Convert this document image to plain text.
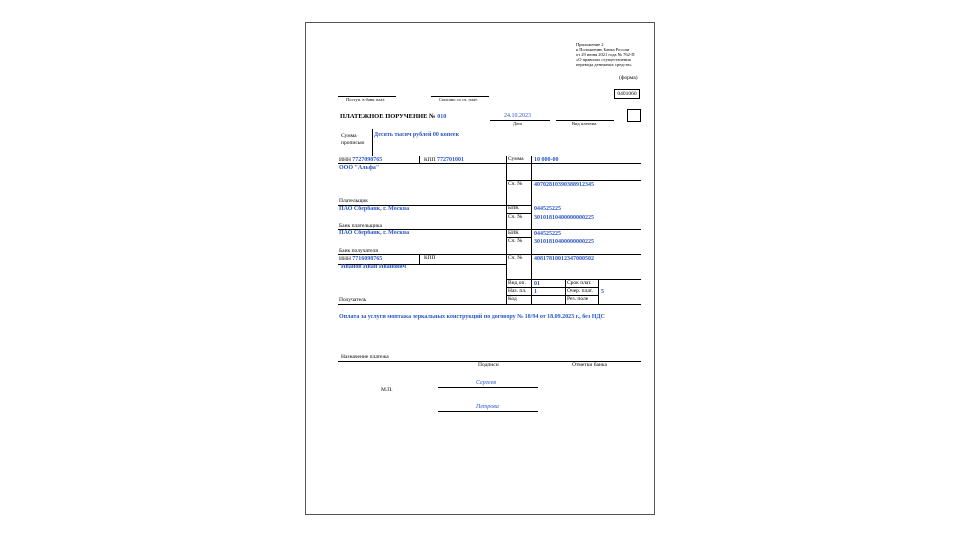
Приложение 2
к Положению Банка России
от 29 июня 2021 года № 762-П
«О правилах осуществления
перевода денежных средств»
(форма)
0401060
Поступ. в банк плат.	Списано со сч. плат.
ПЛАТЕЖНОЕ ПОРУЧЕНИЕ № 010	24.10.2023
Дата	Вид платежа
Сумма
прописью
Десять тысяч рублей 00 копеек
ИНН 7727098765	КПП 772701001
ООО "Альфа"
Плательщик
Сумма 10 000-00
Сч. № 40702810390388912345
ПАО Сбербанк, г. Москва
Банк плательщика
БИК	044525225
Сч. № 30101810400000000225
ПАО Сбербанк, г. Москва
Банк получателя
БИК	044525225
Сч. № 30101810400000000225
ИНН 7716098765	КПП	Сч. № 40817810012347000502
Иванов Иван Иванович
Получатель
Вид оп. 01	Срок плат.
Наз. пл. 1	Очер. плат. 5
Код	Рез. поле
Оплата за услуги монтажа зеркальных конструкций по договору № 18/94 от 18.09.2023 г., без НДС
Назначение платежа
Подписи	Отметки банка
М.П.
Сергеев
Петрова
